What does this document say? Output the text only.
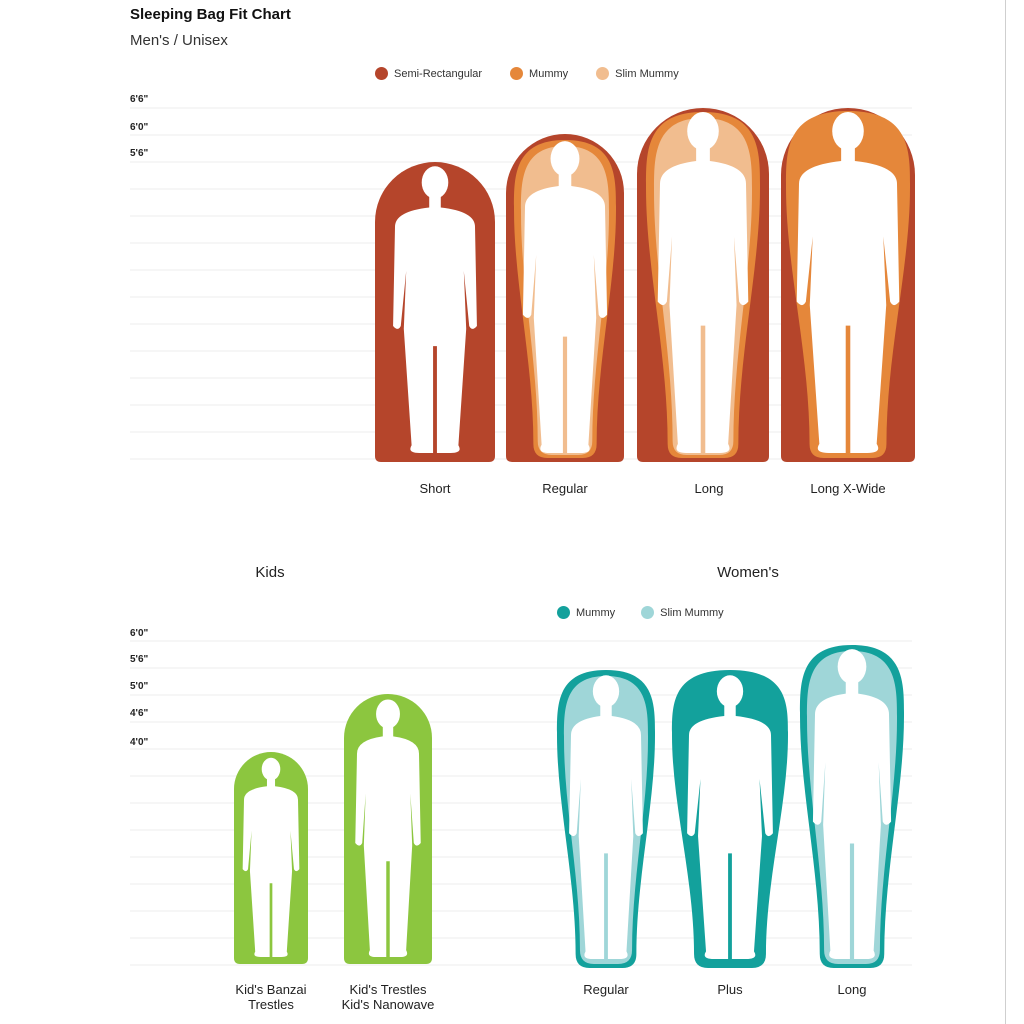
Sleeping Bag Fit Chart
Men's / Unisex
Semi-Rectangular	Mummy	Slim Mummy
6'6"
6'0"
5'6"
Kids	Women's
Mummy	Slim Mummy
6'0"
5'6"
5'0"
4'6"
4'0"
Short	Regular	Long	Long X-Wide
Kid's Banzai
Trestles
Kid's Trestles
Kid's Nanowave
Regular	Plus	Long
